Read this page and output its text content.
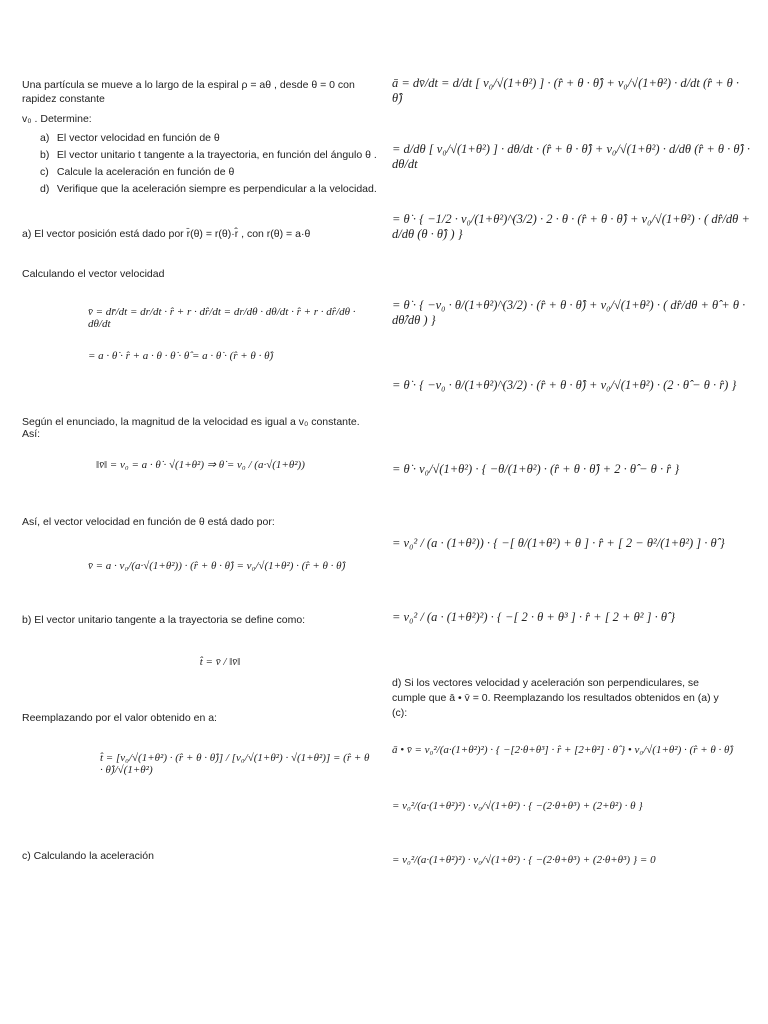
Una partícula se mueve a lo largo de la espiral ρ = aθ , desde θ = 0 con rapidez constante

v₀ . Determine:

a) El vector velocidad en función de θ
b) El vector unitario t tangente a la trayectoria, en función del ángulo θ .
c) Calcule la aceleración en función de θ
d) Verifique que la aceleración siempre es perpendicular a la velocidad.
a) El vector posición está dado por r̄(θ) = r(θ)·r̂ , con r(θ) = a·θ
Calculando el vector velocidad
v̄ = dr̄/dt = dr/dt · r̂ + r · dr̂/dt = dr/dθ · dθ/dt · r̂ + r · dr̂/dθ · dθ/dt
= a · θ̇ · r̂ + a · θ · θ̇ · θ̂ = a · θ̇ · (r̂ + θ · θ̂)
Según el enunciado, la magnitud de la velocidad es igual a v₀ constante. Así:
‖v̄‖ = v₀ = a · θ̇ · √(1+θ²) ⇒ θ̇ = v₀ / (a·√(1+θ²))
Así, el vector velocidad en función de θ está dado por:
v̄ = a · v₀/(a·√(1+θ²)) · (r̂ + θ · θ̂) = v₀/√(1+θ²) · (r̂ + θ · θ̂)
b) El vector unitario tangente a la trayectoria se define como:
t̂ = v̄ / ‖v̄‖
Reemplazando por el valor obtenido en a:
t̂ = [v₀/√(1+θ²) · (r̂ + θ · θ̂)] / [v₀/√(1+θ²) · √(1+θ²)] = (r̂ + θ · θ̂)/√(1+θ²)
c) Calculando la aceleración
ā = dv̄/dt = d/dt [ v₀/√(1+θ²) ] · (r̂ + θ · θ̂) + v₀/√(1+θ²) · d/dt (r̂ + θ · θ̂)
= d/dθ [ v₀/√(1+θ²) ] · dθ/dt · (r̂ + θ · θ̂) + v₀/√(1+θ²) · d/dθ (r̂ + θ · θ̂) · dθ/dt
= θ̇ · { −1/2 · v₀/(1+θ²)^(3/2) · 2 · θ · (r̂ + θ · θ̂) + v₀/√(1+θ²) · ( dr̂/dθ + d/dθ (θ · θ̂) ) }
= θ̇ · { −v₀ · θ/(1+θ²)^(3/2) · (r̂ + θ · θ̂) + v₀/√(1+θ²) · ( dr̂/dθ + θ̂ + θ · dθ̂/dθ ) }
= θ̇ · { −v₀ · θ/(1+θ²)^(3/2) · (r̂ + θ · θ̂) + v₀/√(1+θ²) · (2 · θ̂ − θ · r̂) }
= θ̇ · v₀/√(1+θ²) · { −θ/(1+θ²) · (r̂ + θ · θ̂) + 2 · θ̂ − θ · r̂ }
= v₀² / (a · (1+θ²)) · { −[ θ/(1+θ²) + θ ] · r̂ + [ 2 − θ²/(1+θ²) ] · θ̂ }
= v₀² / (a · (1+θ²)²) · { −[ 2 · θ + θ³ ] · r̂ + [ 2 + θ² ] · θ̂ }
d) Si los vectores velocidad y aceleración son perpendiculares, se cumple que ā • v̄ = 0. Reemplazando los resultados obtenidos en (a) y (c):
ā • v̄ = v₀²/(a·(1+θ²)²) · { −[2·θ+θ³] · r̂ + [2+θ²] · θ̂ } • v₀/√(1+θ²) · (r̂ + θ · θ̂)
= v₀²/(a·(1+θ²)²) · v₀/√(1+θ²) · { −(2·θ+θ³) + (2+θ²) · θ }
= v₀²/(a·(1+θ²)²) · v₀/√(1+θ²) · { −(2·θ+θ³) + (2·θ+θ³) } = 0
